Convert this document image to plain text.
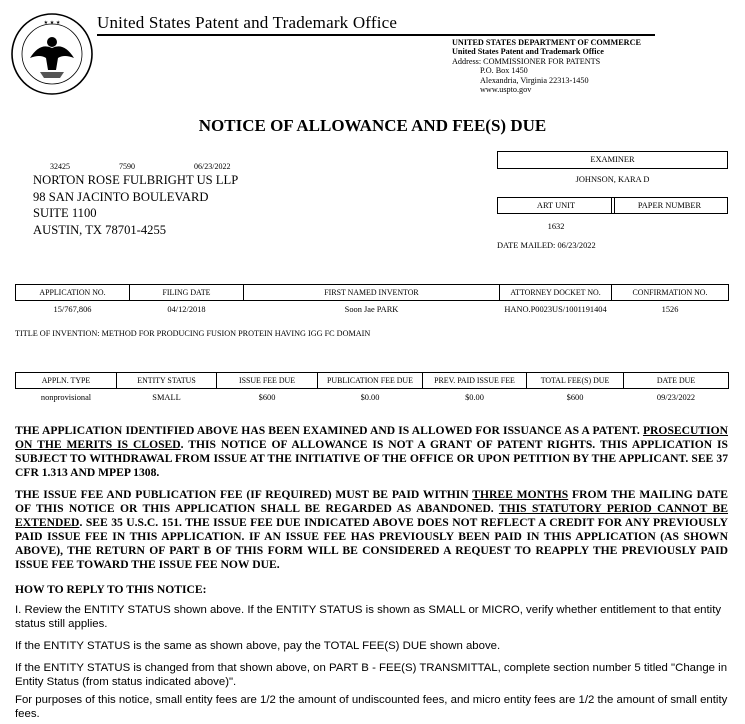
★ ★ ★ United States Patent and Trademark Office
UNITED STATES DEPARTMENT OF COMMERCE
United States Patent and Trademark Office
Address: COMMISSIONER FOR PATENTS
P.O. Box 1450
Alexandria, Virginia 22313-1450
www.uspto.gov
NOTICE OF ALLOWANCE AND FEE(S) DUE
32425	7590	06/23/2022
NORTON ROSE FULBRIGHT US LLP
98 SAN JACINTO BOULEVARD
SUITE 1100
AUSTIN, TX 78701-4255
EXAMINER
JOHNSON, KARA D
ART UNIT	PAPER NUMBER
1632
DATE MAILED: 06/23/2022
APPLICATION NO.	FILING DATE	FIRST NAMED INVENTOR	ATTORNEY DOCKET NO.	CONFIRMATION NO.
15/767,806	04/12/2018	Soon Jae PARK	HANO.P0023US/10011914​04	1526
TITLE OF INVENTION: METHOD FOR PRODUCING FUSION PROTEIN HAVING IGG FC DOMAIN
APPLN. TYPE	ENTITY STATUS	ISSUE FEE DUE	PUBLICATION FEE DUE	PREV. PAID ISSUE FEE	TOTAL FEE(S) DUE	DATE DUE
nonprovisional	SMALL	$600	$0.00	$0.00	$600	09/23/2022
THE APPLICATION IDENTIFIED ABOVE HAS BEEN EXAMINED AND IS ALLOWED FOR ISSUANCE AS A PATENT. PROSECUTION ON THE MERITS IS CLOSED. THIS NOTICE OF ALLOWANCE IS NOT A GRANT OF PATENT RIGHTS. THIS APPLICATION IS SUBJECT TO WITHDRAWAL FROM ISSUE AT THE INITIATIVE OF THE OFFICE OR UPON PETITION BY THE APPLICANT. SEE 37 CFR 1.313 AND MPEP 1308.
THE ISSUE FEE AND PUBLICATION FEE (IF REQUIRED) MUST BE PAID WITHIN THREE MONTHS FROM THE MAILING DATE OF THIS NOTICE OR THIS APPLICATION SHALL BE REGARDED AS ABANDONED. THIS STATUTORY PERIOD CANNOT BE EXTENDED. SEE 35 U.S.C. 151. THE ISSUE FEE DUE INDICATED ABOVE DOES NOT REFLECT A CREDIT FOR ANY PREVIOUSLY PAID ISSUE FEE IN THIS APPLICATION. IF AN ISSUE FEE HAS PREVIOUSLY BEEN PAID IN THIS APPLICATION (AS SHOWN ABOVE), THE RETURN OF PART B OF THIS FORM WILL BE CONSIDERED A REQUEST TO REAPPLY THE PREVIOUSLY PAID ISSUE FEE TOWARD THE ISSUE FEE NOW DUE.
HOW TO REPLY TO THIS NOTICE:
I. Review the ENTITY STATUS shown above. If the ENTITY STATUS is shown as SMALL or MICRO, verify whether entitlement to that entity status still applies.
If the ENTITY STATUS is the same as shown above, pay the TOTAL FEE(S) DUE shown above.
If the ENTITY STATUS is changed from that shown above, on PART B - FEE(S) TRANSMITTAL, complete section number 5 titled "Change in Entity Status (from status indicated above)".
For purposes of this notice, small entity fees are 1/2 the amount of undiscounted fees, and micro entity fees are 1/2 the amount of small entity fees.
